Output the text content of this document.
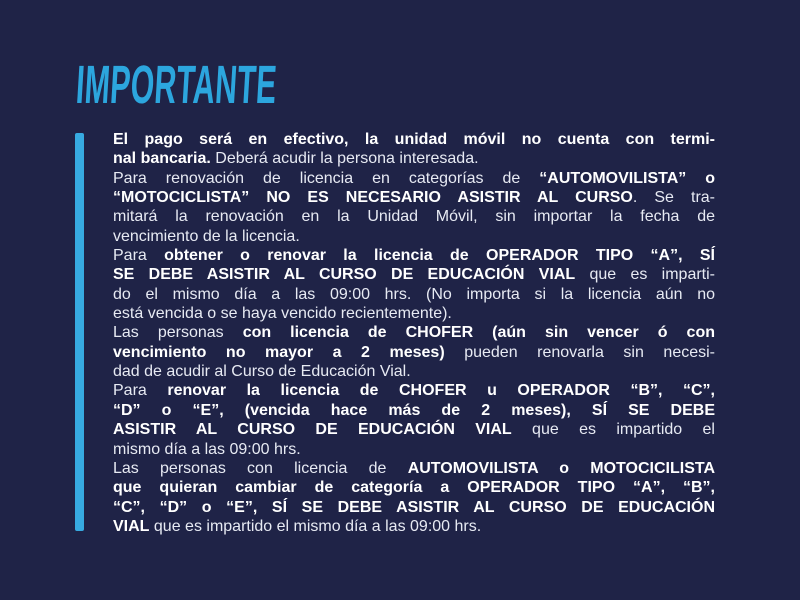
IMPORTANTE
El pago será en efectivo, la unidad móvil no cuenta con termi-
nal bancaria. Deberá acudir la persona interesada.
Para renovación de licencia en categorías de “AUTOMOVILISTA” o
“MOTOCICLISTA” NO ES NECESARIO ASISTIR AL CURSO. Se tra-
mitará la renovación en la Unidad Móvil, sin importar la fecha de
vencimiento de la licencia.
Para obtener o renovar la licencia de OPERADOR TIPO “A”, SÍ
SE DEBE ASISTIR AL CURSO DE EDUCACIÓN VIAL que es imparti-
do el mismo día a las 09:00 hrs. (No importa si la licencia aún no
está vencida o se haya vencido recientemente).
Las personas con licencia de CHOFER (aún sin vencer ó con
vencimiento no mayor a 2 meses) pueden renovarla sin necesi-
dad de acudir al Curso de Educación Vial.
Para renovar la licencia de CHOFER u OPERADOR “B”, “C”,
“D” o “E”, (vencida hace más de 2 meses), SÍ SE DEBE
ASISTIR AL CURSO DE EDUCACIÓN VIAL que es impartido el
mismo día a las 09:00 hrs.
Las personas con licencia de AUTOMOVILISTA o MOTOCICILISTA
que quieran cambiar de categoría a OPERADOR TIPO “A”, “B”,
“C”, “D” o “E”, SÍ SE DEBE ASISTIR AL CURSO DE EDUCACIÓN
VIAL que es impartido el mismo día a las 09:00 hrs.
